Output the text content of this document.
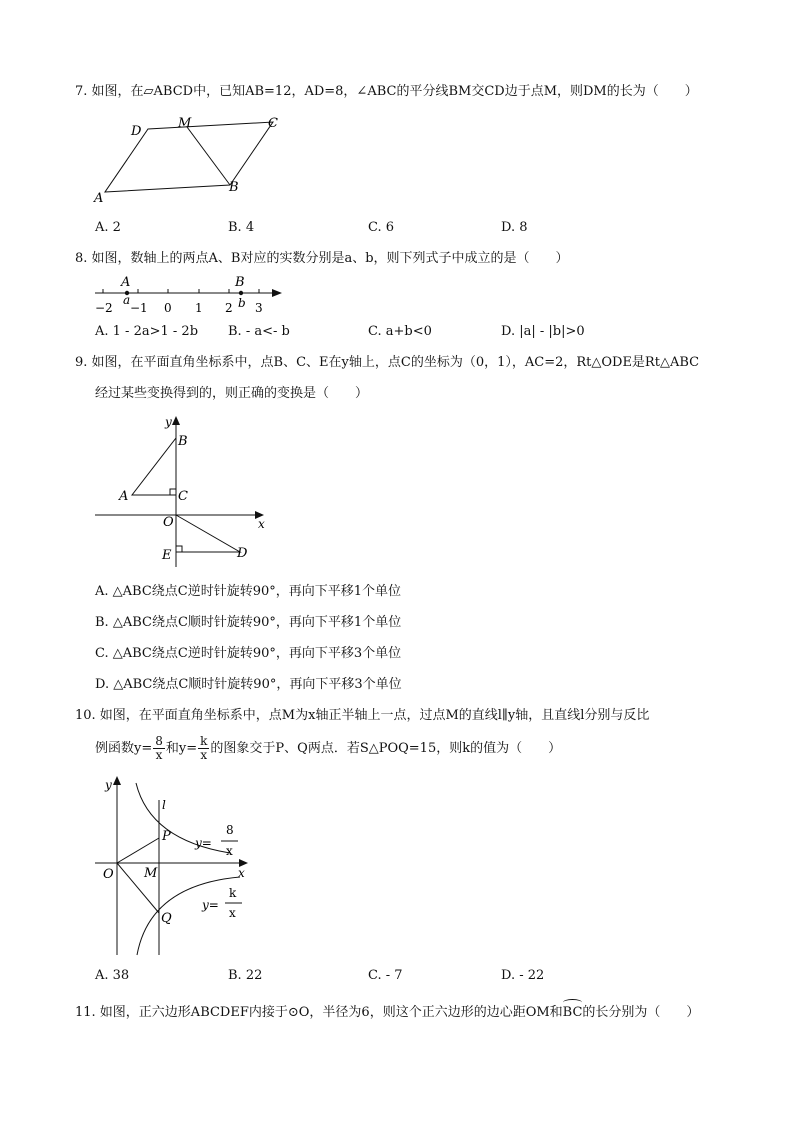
7. 如图，在▱ABCD中，已知AB=12，AD=8，∠ABC的平分线BM交CD边于点M，则DM的长为（　　）
A
B
C
D
M
A. 2	B. 4	C. 6	D. 8
8. 如图，数轴上的两点A、B对应的实数分别是a、b，则下列式子中成立的是（　　）
A	B
a	b
−2 −1 0 1 2 3
A. 1 - 2a>1 - 2b B. - a<- b	C. a+b<0	D. |a| - |b|>0
9. 如图，在平面直角坐标系中，点B、C、E在y轴上，点C的坐标为（0，1），AC=2，Rt△ODE是Rt△ABC
经过某些变换得到的，则正确的变换是（　　）
x
y
O
A
B
C
D
E
A. △ABC绕点C逆时针旋转90°，再向下平移1个单位
B. △ABC绕点C顺时针旋转90°，再向下平移1个单位
C. △ABC绕点C逆时针旋转90°，再向下平移3个单位
D. △ABC绕点C顺时针旋转90°，再向下平移3个单位
10. 如图，在平面直角坐标系中，点M为x轴正半轴上一点，过点M的直线l∥y轴，且直线l分别与反比
例函数$y= \frac{8}{x}$ 和$y= \frac{k}{x}$ 的图象交于P、Q两点．若S△POQ=15，则k的值为（　　）
y
x
O M
P
Q
l
y=
8
x
y=
k
x
A. 38	B. 22	C. - 7	D. - 22
11. 如图，正六边形ABCDEF内接于⊙O，半径为6，则这个正六边形的边心距OM和BC的长分别为（　　）
